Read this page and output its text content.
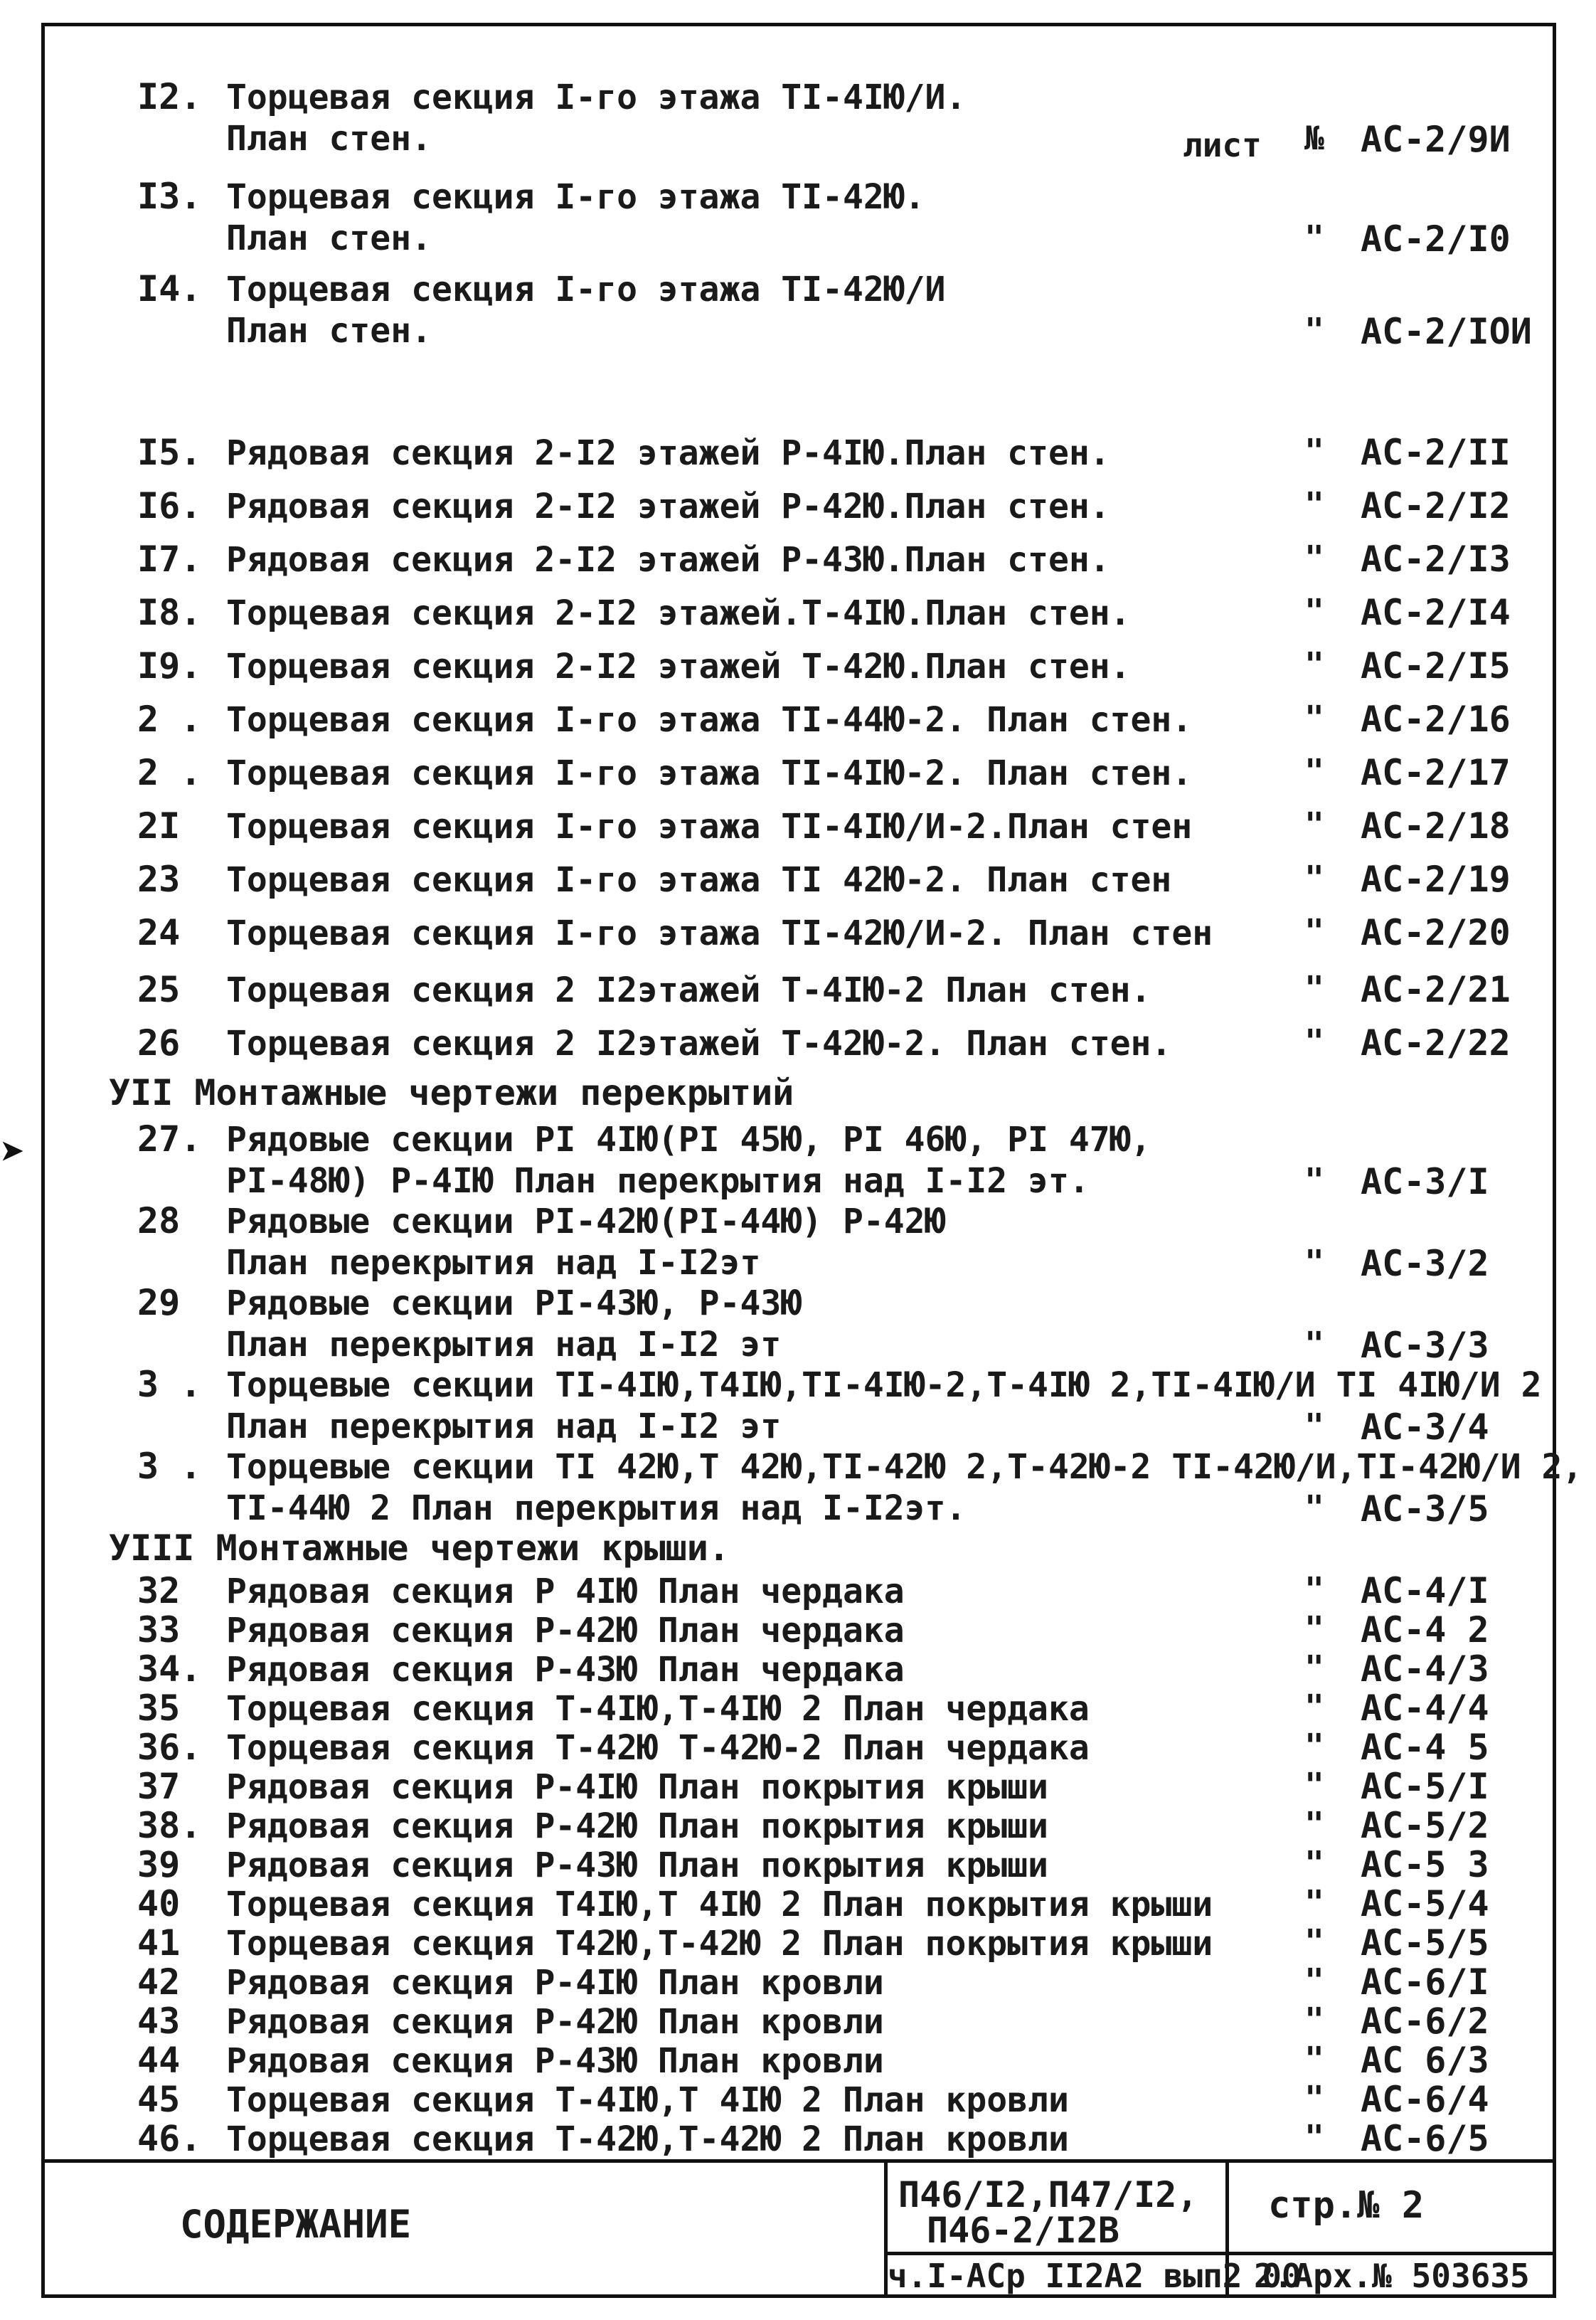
лист
I2. Торцевая секция I-го этажа TI-4IЮ/И.
План стен.	№	АС-2/9И
I3. Торцевая секция I-го этажа TI-42Ю.
План стен.	"	АС-2/I0
I4. Торцевая секция I-го этажа TI-42Ю/И
План стен.	"	АС-2/IОИ
I5. Рядовая секция 2-I2 этажей P-4IЮ.План стен.	"	АС-2/II
I6. Рядовая секция 2-I2 этажей P-42Ю.План стен.	"	АС-2/I2
I7. Рядовая секция 2-I2 этажей P-43Ю.План стен.	"	АС-2/I3
I8. Торцевая секция 2-I2 этажей.Т-4IЮ.План стен.	"	АС-2/I4
I9. Торцевая секция 2-I2 этажей Т-42Ю.План стен.	"	АС-2/I5
2 . Торцевая секция I-го этажа TI-44Ю-2. План стен.	"	АС-2/16
2 . Торцевая секция I-го этажа TI-4IЮ-2. План стен.	"	АС-2/17
2I	Торцевая секция I-го этажа TI-4IЮ/И-2.План стен	"	АС-2/18
23	Торцевая секция I-го этажа TI 42Ю-2. План стен	"	АС-2/19
24	Торцевая секция I-го этажа TI-42Ю/И-2. План стен	"	АС-2/20
25	Торцевая секция 2 I2этажей Т-4IЮ-2 План стен.	"	АС-2/21
26	Торцевая секция 2 I2этажей Т-42Ю-2. План стен.	"	АС-2/22
УII Монтажные чертежи перекрытий
27. Рядовые секции PI 4IЮ(PI 45Ю, PI 46Ю, PI 47Ю,
PI-48Ю) P-4IЮ План перекрытия над I-I2 эт.	"	АС-3/I
28	Рядовые секции PI-42Ю(PI-44Ю) P-42Ю
План перекрытия над I-I2эт	"	АС-3/2
29	Рядовые секции PI-43Ю, P-43Ю
План перекрытия над I-I2 эт	"	АС-3/3
3 . Торцевые секции TI-4IЮ,T4IЮ,TI-4IЮ-2,T-4IЮ 2,TI-4IЮ/И TI 4IЮ/И 2
План перекрытия над I-I2 эт	"	АС-3/4
3 . Торцевые секции TI 42Ю,T 42Ю,TI-42Ю 2,T-42Ю-2 TI-42Ю/И,TI-42Ю/И 2,
TI-44Ю 2 План перекрытия над I-I2эт.	"	АС-3/5
УIII Монтажные чертежи крыши.
32	Рядовая секция P 4IЮ План чердака	"	АС-4/I
33	Рядовая секция P-42Ю План чердака	"	АС-4 2
34. Рядовая секция P-43Ю План чердака	"	АС-4/3
35	Торцевая секция Т-4IЮ,Т-4IЮ 2 План чердака	"	АС-4/4
36. Торцевая секция Т-42Ю Т-42Ю-2 План чердака	"	АС-4 5
37	Рядовая секция P-4IЮ План покрытия крыши	"	АС-5/I
38. Рядовая секция P-42Ю План покрытия крыши	"	АС-5/2
39	Рядовая секция P-43Ю План покрытия крыши	"	АС-5 3
40	Торцевая секция Т4IЮ,Т 4IЮ 2 План покрытия крыши	"	АС-5/4
41	Торцевая секция Т42Ю,Т-42Ю 2 План покрытия крыши	"	АС-5/5
42	Рядовая секция P-4IЮ План кровли	"	АС-6/I
43	Рядовая секция P-42Ю План кровли	"	АС-6/2
44	Рядовая секция P-43Ю План кровли	"	АС 6/3
45	Торцевая секция Т-4IЮ,Т 4IЮ 2 План кровли	"	АС-6/4
46. Торцевая секция Т-42Ю,Т-42Ю 2 План кровли	"	АС-6/5
СОДЕРЖАНИЕ
П46/I2,П47/I2,
П46-2/I2В
стр.№ 2
ч.I-АСр II2А2 вып2 00
2.Арх.№ 503635
➤
